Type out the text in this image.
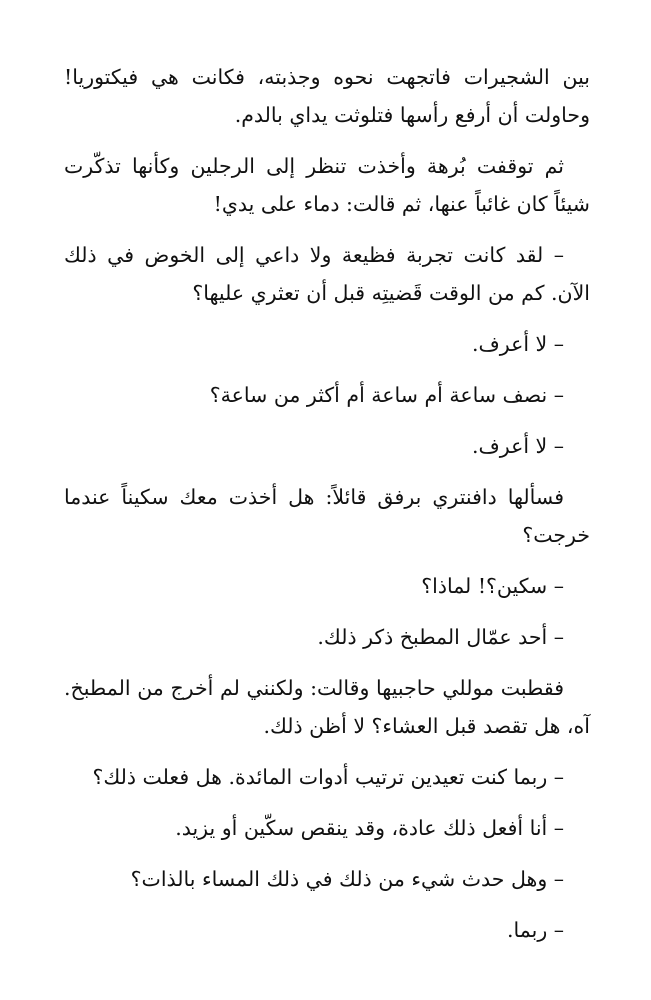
بين الشجيرات فاتجهت نحوه وجذبته، فكانت هي فيكتوريا! وحاولت أن أرفع رأسها فتلوثت يداي بالدم.

ثم توقفت بُرهة وأخذت تنظر إلى الرجلين وكأنها تذكّرت شيئاً كان غائباً عنها، ثم قالت: دماء على يدي!

– لقد كانت تجربة فظيعة ولا داعي إلى الخوض في ذلك الآن. كم من الوقت قَضيتِه قبل أن تعثري عليها؟

– لا أعرف.

– نصف ساعة أم ساعة أم أكثر من ساعة؟

– لا أعرف.

فسألها دافنتري برفق قائلاً: هل أخذت معك سكيناً عندما خرجت؟

– سكين؟! لماذا؟

– أحد عمّال المطبخ ذكر ذلك.

فقطبت موللي حاجبيها وقالت: ولكنني لم أخرج من المطبخ. آه، هل تقصد قبل العشاء؟ لا أظن ذلك.

– ربما كنت تعيدين ترتيب أدوات المائدة. هل فعلت ذلك؟

– أنا أفعل ذلك عادة، وقد ينقص سكّين أو يزيد.

– وهل حدث شيء من ذلك في ذلك المساء بالذات؟

– ربما.
